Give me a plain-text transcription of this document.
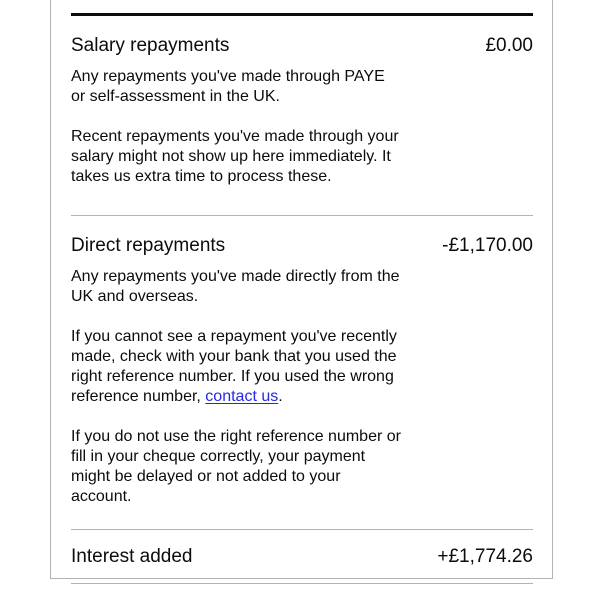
Salary repayments	£0.00

Any repayments you've made through PAYE or self-assessment in the UK.

Recent repayments you've made through your salary might not show up here immediately. It takes us extra time to process these.

Direct repayments	-£1,170.00

Any repayments you've made directly from the UK and overseas.

If you cannot see a repayment you've recently made, check with your bank that you used the right reference number. If you used the wrong reference number, contact us.

If you do not use the right reference number or fill in your cheque correctly, your payment might be delayed or not added to your account.

Interest added	+£1,774.26
